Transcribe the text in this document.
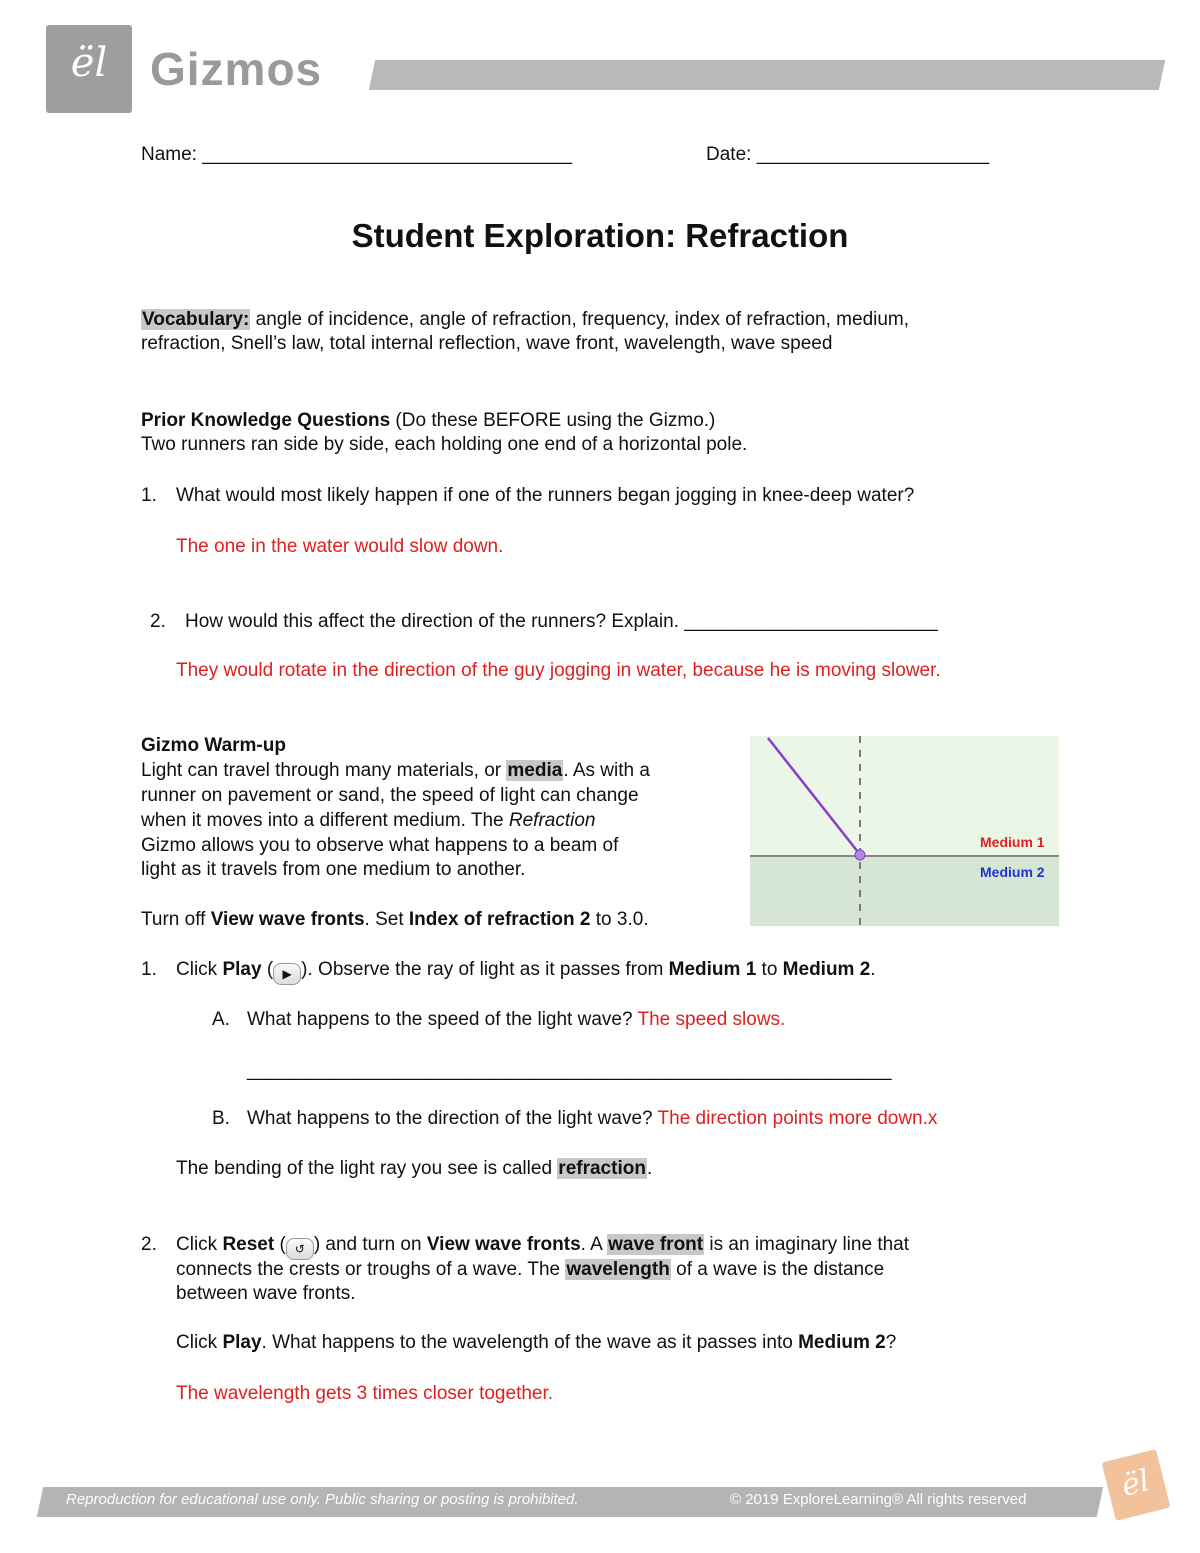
ël Gizmos
Name: ___________________________________	Date: ______________________
Student Exploration: Refraction
Vocabulary: angle of incidence, angle of refraction, frequency, index of refraction, medium,
refraction, Snell’s law, total internal reflection, wave front, wavelength, wave speed
Prior Knowledge Questions (Do these BEFORE using the Gizmo.)
Two runners ran side by side, each holding one end of a horizontal pole.
1. What would most likely happen if one of the runners began jogging in knee-deep water?
The one in the water would slow down.
2. How would this affect the direction of the runners? Explain. ________________________
They would rotate in the direction of the guy jogging in water, because he is moving slower.
Gizmo Warm-up
Light can travel through many materials, or media. As with a
runner on pavement or sand, the speed of light can change
when it moves into a different medium. The Refraction
Gizmo allows you to observe what happens to a beam of
light as it travels from one medium to another.
Turn off View wave fronts. Set Index of refraction 2 to 3.0.
Medium 1
Medium 2
1. Click Play ( ▶ ). Observe the ray of light as it passes from Medium 1 to Medium 2.
A. What happens to the speed of the light wave? The speed slows.
_____________________________________________________________
B. What happens to the direction of the light wave? The direction points more down.x
The bending of the light ray you see is called refraction.
2. Click Reset ( ↺ ) and turn on View wave fronts. A wave front is an imaginary line that
connects the crests or troughs of a wave. The wavelength of a wave is the distance
between wave fronts.
Click Play. What happens to the wavelength of the wave as it passes into Medium 2?
The wavelength gets 3 times closer together.
Reproduction for educational use only. Public sharing or posting is prohibited.	© 2019 ExploreLearning® All rights reserved	ël
